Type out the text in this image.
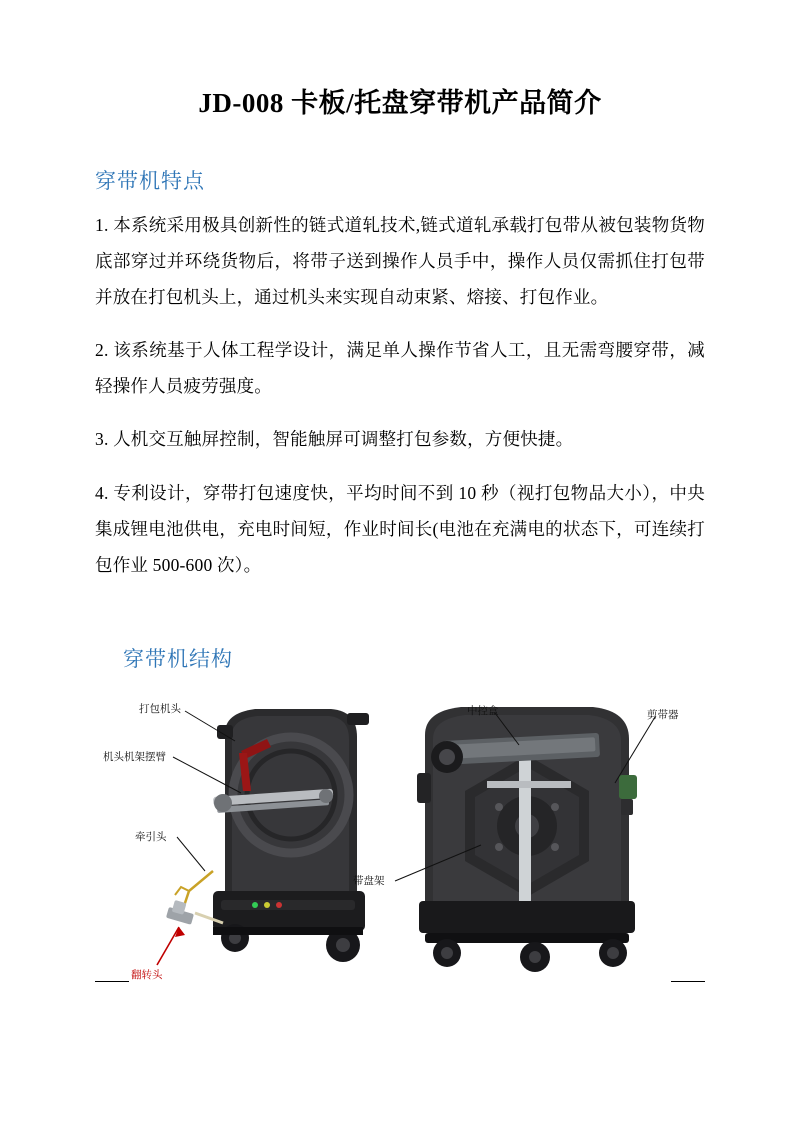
JD-008 卡板/托盘穿带机产品简介
穿带机特点

1. 本系统采用极具创新性的链式道轧技术,链式道轧承载打包带从被包装物货物底部穿过并环绕货物后，将带子送到操作人员手中，操作人员仅需抓住打包带并放在打包机头上，通过机头来实现自动束紧、熔接、打包作业。

2. 该系统基于人体工程学设计，满足单人操作节省人工，且无需弯腰穿带，减轻操作人员疲劳强度。

3. 人机交互触屏控制，智能触屏可调整打包参数，方便快捷。

4. 专利设计，穿带打包速度快，平均时间不到 10 秒（视打包物品大小），中央集成锂电池供电，充电时间短，作业时间长(电池在充满电的状态下，可连续打包作业 500-600 次）。

穿带机结构
打包机头
机头机架摆臂
牵引头
翻转头
中控盒	剪带器
带盘架
